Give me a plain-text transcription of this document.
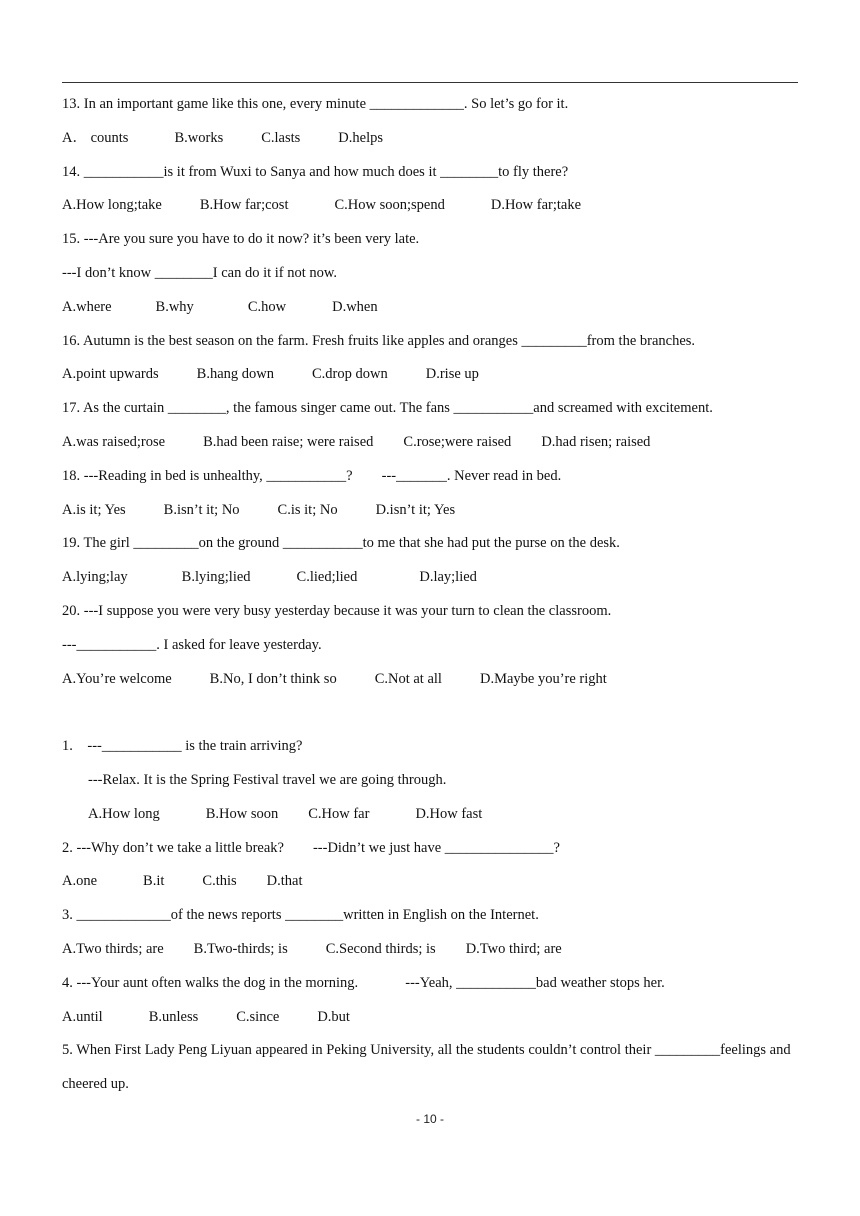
13. In an important game like this one, every minute _____________. So let’s go for it.
A． counts	B.works	C.lasts	D.helps
14. ___________is it from Wuxi to Sanya and how much does it ________to fly there?
A.How long;take	B.How far;cost	C.How soon;spend	D.How far;take
15. ---Are you sure you have to do it now? it’s been very late.
---I don’t know ________I can do it if not now.
A.where	B.why	C.how	D.when
16. Autumn is the best season on the farm. Fresh fruits like apples and oranges _________from the branches.
A.point upwards	B.hang down	C.drop down	D.rise up
17. As the curtain ________, the famous singer came out. The fans ___________and screamed with excitement.
A.was raised;rose	B.had been raise; were raised C.rose;were raised D.had risen; raised
18. ---Reading in bed is unhealthy, ___________?        ---_______. Never read in bed.
A.is it; Yes	B.isn’t it; No	C.is it; No	D.isn’t it; Yes
19. The girl _________on the ground ___________to me that she had put the purse on the desk.
A.lying;lay	B.lying;lied	C.lied;lied	D.lay;lied
20. ---I suppose you were very busy yesterday because it was your turn to clean the classroom.
---___________. I asked for leave yesterday.
A.You’re welcome	B.No, I don’t think so	C.Not at all	D.Maybe you’re right
1.    ---___________ is the train arriving?
---Relax. It is the Spring Festival travel we are going through.
A.How long	B.How soon C.How far	D.How fast
2. ---Why don’t we take a little break?        ---Didn’t we just have _______________?
A.one	B.it	C.this D.that
3. _____________of the news reports ________written in English on the Internet.
A.Two thirds; are B.Two-thirds; is	C.Second thirds; is D.Two third; are
4. ---Your aunt often walks the dog in the morning.             ---Yeah, ___________bad weather stops her.
A.until	B.unless	C.since	D.but
5. When First Lady Peng Liyuan appeared in Peking University, all the students couldn’t control their _________feelings and cheered up.
- 10 -
